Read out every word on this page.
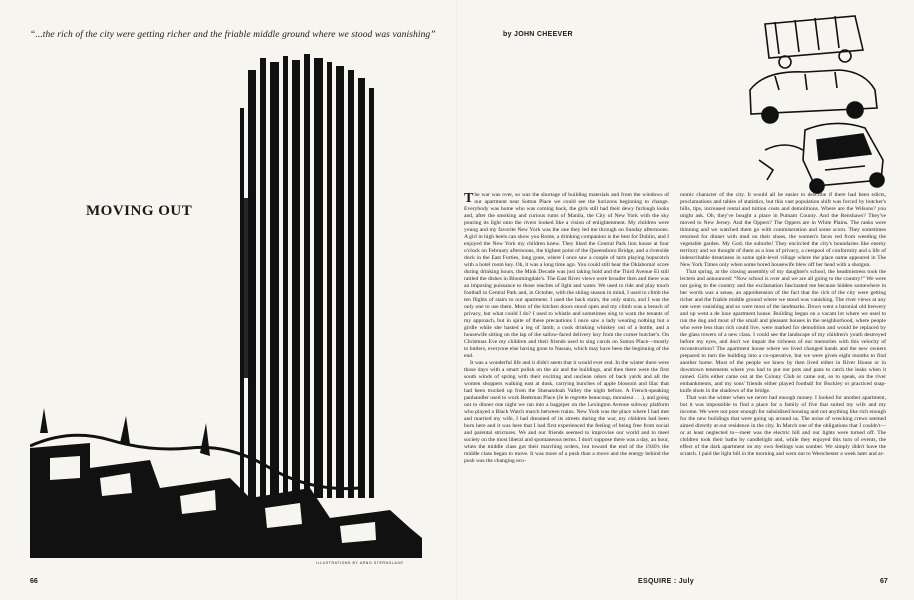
“...the rich of the city were getting richer and the friable middle ground where we stood was vanishing”	by JOHN CHEEVER
MOVING OUT
ILLUSTRATIONS BY ARNO STERNGLASS

The war was over, so was the shortage of building materials and from the windows of our apartment near Sutton Place we could see the horizons beginning to change. Everybody was home who was coming back, the girls still had their dewy furlough looks and, after the smoking and curious rums of Manila, the City of New York with the sky pouring its light onto the rivers looked like a vision of enlightenment. My children were young and my favorite New York was the one they led me through on Sunday afternoons. A girl in high heels can show you Rome, a drinking companion is the best for Dublin, and I enjoyed the New York my children knew. They liked the Central Park lion house at four o'clock on February afternoons, the highest point of the Queensboro Bridge, and a riverside dock in the East Forties, long gone, where I once saw a couple of tarts playing hopscotch with a hotel room key. Oh, it was a long time ago. You could still hear the Oklahoma! score during drinking hours, the Mink Decade was just taking hold and the Third Avenue El still rattled the dishes in Bloomingdale's. The East River views were broader then and there was an imposing puissance to those reaches of light and water. We used to ride and play touch football in Central Park and, in October, with the skiing season in mind, I used to climb the ten flights of stairs to our apartment. I used the back stairs, the only stairs, and I was the only one to use them. Most of the kitchen doors stood open and my climb was a breach of privacy, but what could I do? I used to whistle and sometimes sing to warn the tenants of my approach, but in spite of these precautions I once saw a lady wearing nothing but a girdle while she basted a leg of lamb, a cook drinking whiskey out of a bottle, and a housewife sitting on the lap of the sallow-faced delivery boy from the corner butcher's. On Christmas Eve my children and their friends used to sing carols on Sutton Place—mostly to butlers, everyone else having gone to Nassau, which may have been the beginning of the end.

It was a wonderful life and it didn't seem that it would ever end. In the winter there were those days with a smart polish on the air and the buildings, and then there were the first south winds of spring with their exciting and unclean odors of back yards and all the women shoppers walking east at dusk, carrying bunches of apple blossom and lilac that had been trucked up from the Shenandoah Valley the night before. A French-speaking panhandler used to work Beekman Place (Je le regrette beaucoup, monsieur . . .), and going out to dinner one night we ran into a bagpiper on the Lexington Avenue subway platform who played a Black Watch march between trains. New York was the place where I had met and married my wife, I had dreamed of its streets during the war, my children had been born here and it was here that I had first experienced the feeling of being free from social and parental strictures. We and our friends seemed to improvise our world and to meet society on the most liberal and spontaneous terms. I don't suppose there was a day, an hour, when the middle class got their marching orders, but toward the end of the 1940's the middle class began to move. It was more of a push than a move and the energy behind the push was the changing eco-

nomic character of the city. It would all be easier to describe if there had been edicts, proclamations and tables of statistics, but this vast population shift was forced by butcher's bills, tips, increased rental and tuition costs and demolitions. Where are the Wilsons? you might ask. Oh, they've bought a place in Putnam County. And the Renshaws? They've moved to New Jersey. And the Oppers? The Oppers are in White Plains. The ranks were thinning and we watched them go with commiseration and some scorn. They sometimes returned for dinner with mud on their shoes, the women's faces red from weeding the vegetable garden. My God, the suburbs! They encircled the city's boundaries like enemy territory and we thought of them as a loss of privacy, a cesspool of conformity and a life of indescribable dreariness in some split-level village where the place name appeared in The New York Times only when some bored housewife blew off her head with a shotgun.

That spring, at the closing assembly of my daughter's school, the headmistress took the lectern and announced: “Now school is over and we are all going to the country!” We were not going to the country and the exclamation fascinated me because hidden somewhere in her words was a sense, an apprehension of the fact that the rich of the city were getting richer and the friable middle ground where we stood was vanishing. The river views at any rate were vanishing and so were most of the landmarks. Down went a baronial old brewery and up went a de luxe apartment house. Building began on a vacant lot where we used to run the dog and most of the small and pleasant houses in the neighborhood, where people who were less than rich could live, were marked for demolition and would be replaced by the glass towers of a new class. I could see the landscape of my children's youth destroyed before my eyes, and don't we impair the richness of our memories with this velocity of reconstruction? The apartment house where we lived changed hands and the new owners prepared to turn the building into a co-operative, but we were given eight months to find another home. Most of the people we knew by then lived either in River House or in downtown tenements where you had to put out pots and pans to catch the leaks when it rained. Girls either came out at the Colony Club or came out, so to speak, on the river embankments, and my sons' friends either played football for Buckley or practiced snap-knife shots in the shadows of the bridge.

That was the winter when we never had enough money. I looked for another apartment, but it was impossible to find a place for a family of five that suited my wife and my income. We were not poor enough for subsidized housing and not anything like rich enough for the new buildings that were going up around us. The noise of wrecking crews seemed aimed directly at our residence in the city. In March one of the obligations that I couldn't—or at least neglected to—meet was the electric bill and our lights were turned off. The children took their baths by candlelight and, while they enjoyed this turn of events, the effect of the dark apartment on my own feelings was somber. We simply didn't have the scratch. I paid the light bill in the morning and went out to Westchester a week later and ar-

66	ESQUIRE : July	67
